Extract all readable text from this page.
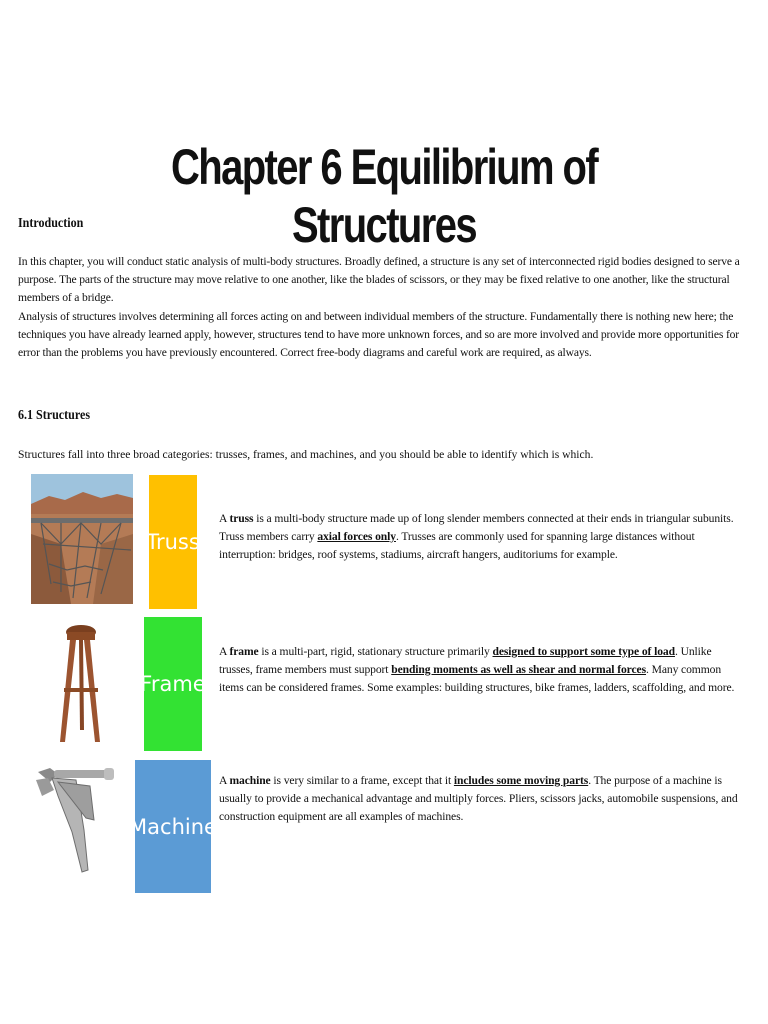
Chapter 6 Equilibrium of Structures
Introduction
In this chapter, you will conduct static analysis of multi-body structures. Broadly defined, a structure is any set of interconnected rigid bodies designed to serve a purpose. The parts of the structure may move relative to one another, like the blades of scissors, or they may be fixed relative to one another, like the structural members of a bridge.
Analysis of structures involves determining all forces acting on and between individual members of the structure. Fundamentally there is nothing new here; the techniques you have already learned apply, however, structures tend to have more unknown forces, and so are more involved and provide more opportunities for error than the problems you have previously encountered. Correct free-body diagrams and careful work are required, as always.
6.1 Structures
Structures fall into three broad categories: trusses, frames, and machines, and you should be able to identify which is which.
Truss
A truss is a multi-body structure made up of long slender members connected at their ends in triangular subunits. Truss members carry axial forces only. Trusses are commonly used for spanning large distances without interruption: bridges, roof systems, stadiums, aircraft hangers, auditoriums for example.
Frame
A frame is a multi-part, rigid, stationary structure primarily designed to support some type of load. Unlike trusses, frame members must support bending moments as well as shear and normal forces. Many common items can be considered frames. Some examples: building structures, bike frames, ladders, scaffolding, and more.
Machine
A machine is very similar to a frame, except that it includes some moving parts. The purpose of a machine is usually to provide a mechanical advantage and multiply forces. Pliers, scissors jacks, automobile suspensions, and construction equipment are all examples of machines.
